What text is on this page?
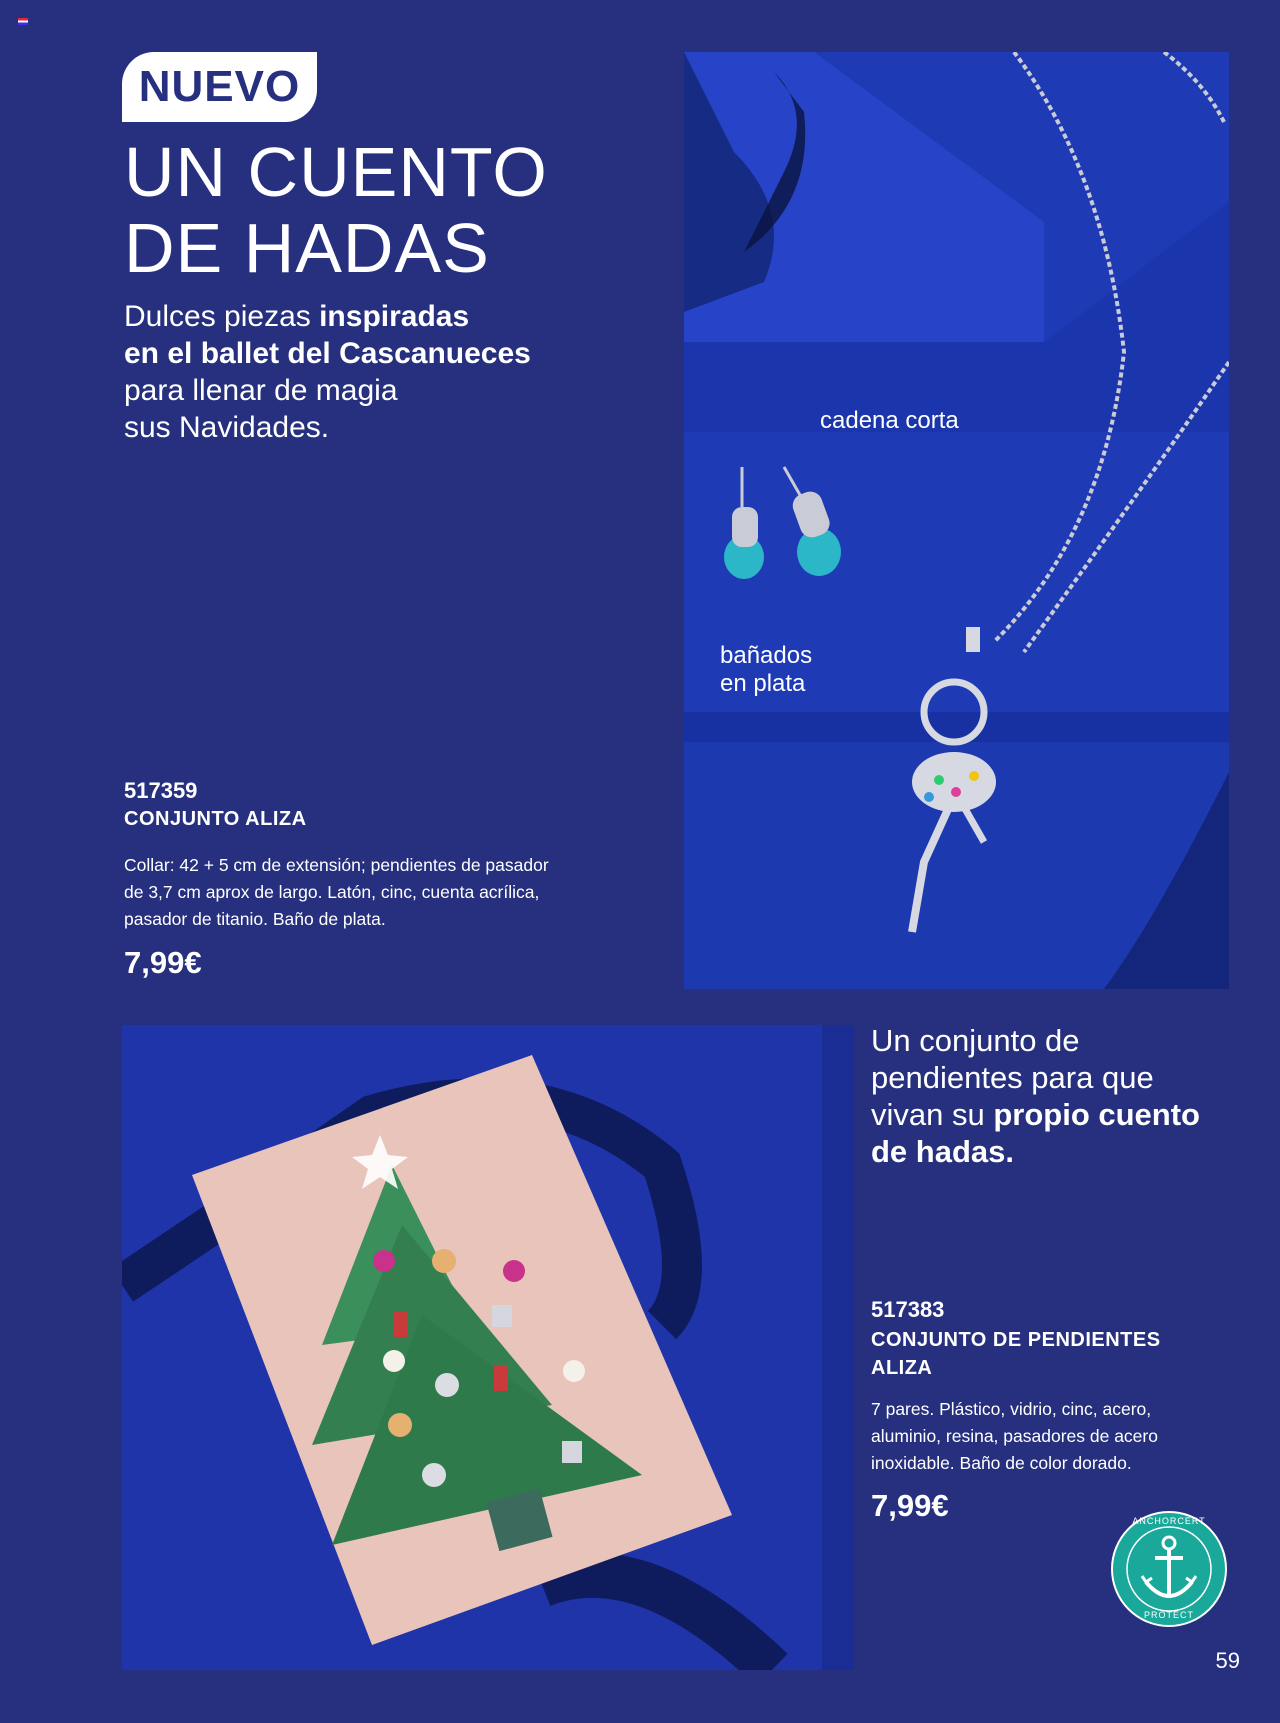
NUEVO
UN CUENTO
DE HADAS
Dulces piezas inspiradas
en el ballet del Cascanueces
para llenar de magia
sus Navidades.
517359
CONJUNTO ALIZA
Collar: 42 + 5 cm de extensión; pendientes de pasador
de 3,7 cm aprox de largo. Latón, cinc, cuenta acrílica,
pasador de titanio. Baño de plata.
7,99€
cadena corta
bañados
en plata
Un conjunto de
pendientes para que
vivan su propio cuento
de hadas.
517383
CONJUNTO DE PENDIENTES
ALIZA
7 pares. Plástico, vidrio, cinc, acero,
aluminio, resina, pasadores de acero
inoxidable. Baño de color dorado.
7,99€	ANCHORCERT
PROTECT
59
